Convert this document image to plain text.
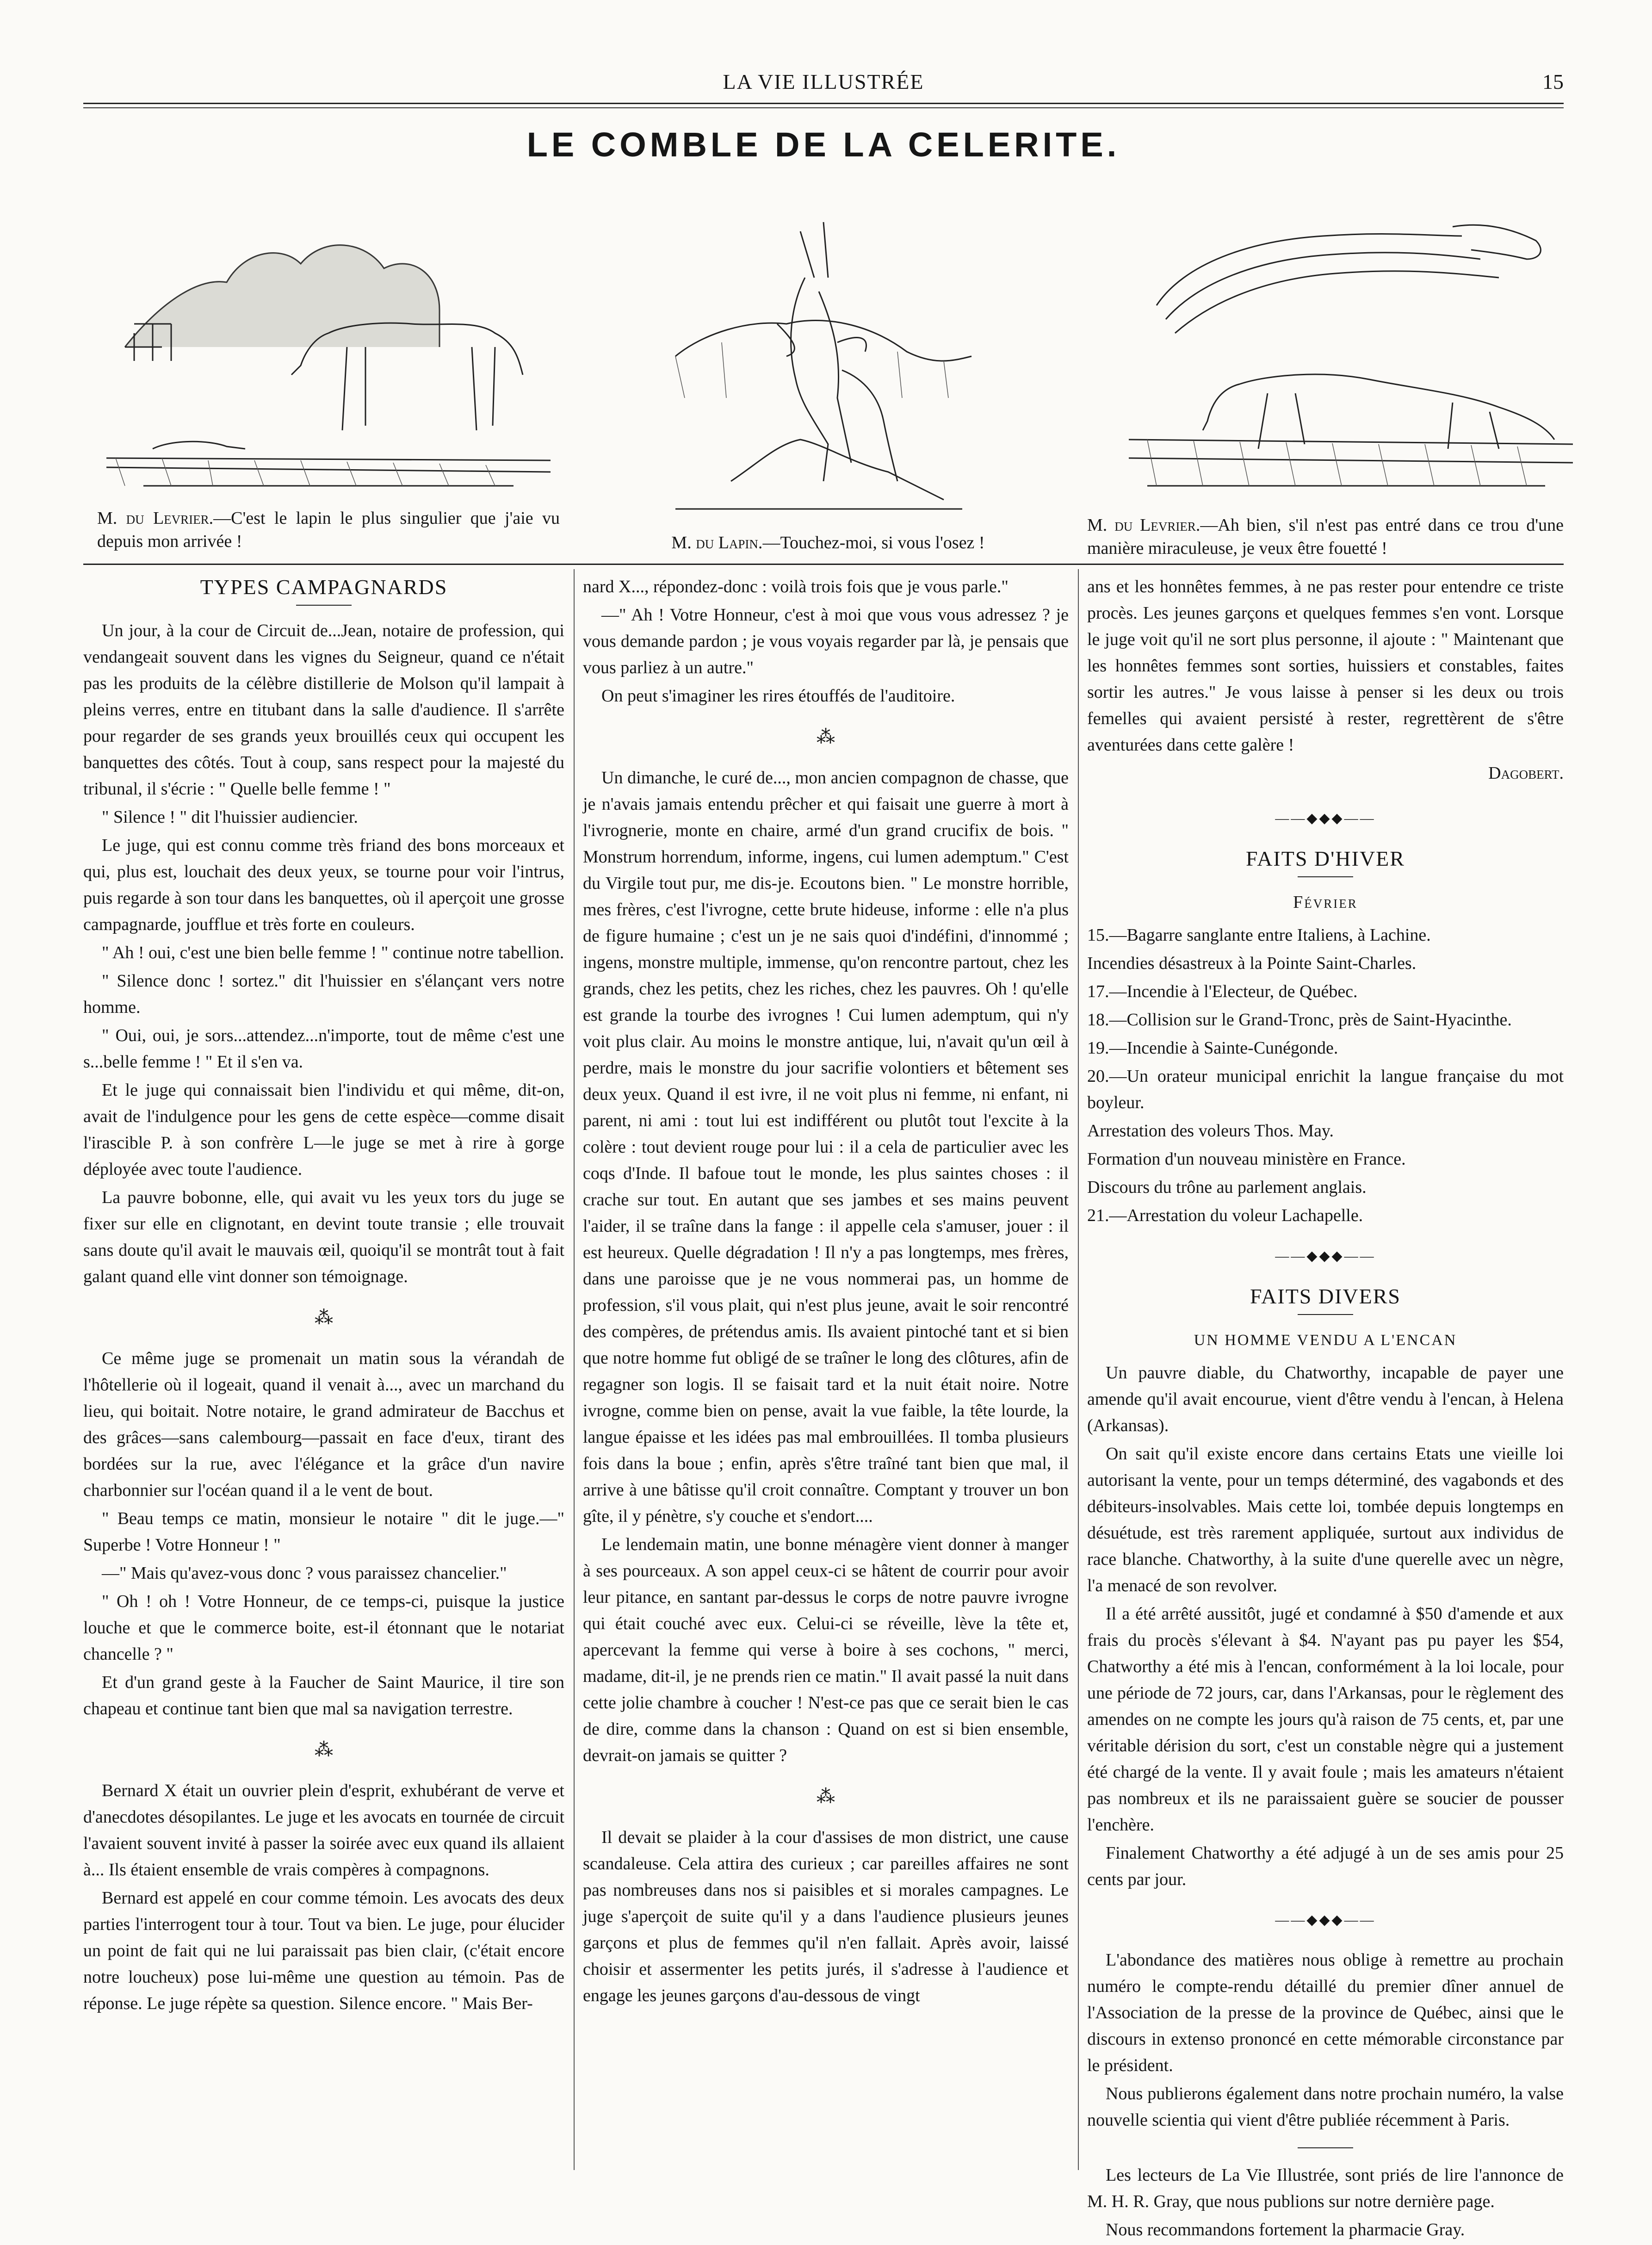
LA VIE ILLUSTRÉE	15
LE COMBLE DE LA CELERITE.
M. du Levrier.—C'est le lapin le plus singulier que j'aie vu depuis mon arrivée !	M. du Lapin.—Touchez-moi, si vous l'osez !
M. du Levrier.—Ah bien, s'il n'est pas entré dans ce trou d'une manière miraculeuse, je veux être fouetté !

TYPES CAMPAGNARDS

Un jour, à la cour de Circuit de...Jean, notaire de profession, qui vendangeait souvent dans les vignes du Seigneur, quand ce n'était pas les produits de la célèbre distillerie de Molson qu'il lampait à pleins verres, entre en titubant dans la salle d'audience. Il s'arrête pour regarder de ses grands yeux brouillés ceux qui occupent les banquettes des côtés. Tout à coup, sans respect pour la majesté du tribunal, il s'écrie : " Quelle belle femme ! "

" Silence ! " dit l'huissier audiencier.

Le juge, qui est connu comme très friand des bons morceaux et qui, plus est, louchait des deux yeux, se tourne pour voir l'intrus, puis regarde à son tour dans les banquettes, où il aperçoit une grosse campagnarde, joufflue et très forte en couleurs.

" Ah ! oui, c'est une bien belle femme ! " continue notre tabellion.

" Silence donc ! sortez." dit l'huissier en s'élançant vers notre homme.

" Oui, oui, je sors...attendez...n'importe, tout de même c'est une s...belle femme ! " Et il s'en va.

Et le juge qui connaissait bien l'individu et qui même, dit-on, avait de l'indulgence pour les gens de cette espèce—comme disait l'irascible P. à son confrère L—le juge se met à rire à gorge déployée avec toute l'audience.

La pauvre bobonne, elle, qui avait vu les yeux tors du juge se fixer sur elle en clignotant, en devint toute transie ; elle trouvait sans doute qu'il avait le mauvais œil, quoiqu'il se montrât tout à fait galant quand elle vint donner son témoignage.

⁂

Ce même juge se promenait un matin sous la vérandah de l'hôtellerie où il logeait, quand il venait à..., avec un marchand du lieu, qui boitait. Notre notaire, le grand admirateur de Bacchus et des grâces—sans calembourg—passait en face d'eux, tirant des bordées sur la rue, avec l'élégance et la grâce d'un navire charbonnier sur l'océan quand il a le vent de bout.

" Beau temps ce matin, monsieur le notaire " dit le juge.—" Superbe ! Votre Honneur ! "

—" Mais qu'avez-vous donc ? vous paraissez chancelier."

" Oh ! oh ! Votre Honneur, de ce temps-ci, puisque la justice louche et que le commerce boite, est-il étonnant que le notariat chancelle ? "

Et d'un grand geste à la Faucher de Saint Maurice, il tire son chapeau et continue tant bien que mal sa navigation terrestre.

⁂

Bernard X était un ouvrier plein d'esprit, exhubérant de verve et d'anecdotes désopilantes. Le juge et les avocats en tournée de circuit l'avaient souvent invité à passer la soirée avec eux quand ils allaient à... Ils étaient ensemble de vrais compères à compagnons.

Bernard est appelé en cour comme témoin. Les avocats des deux parties l'interrogent tour à tour. Tout va bien. Le juge, pour élucider un point de fait qui ne lui paraissait pas bien clair, (c'était encore notre loucheux) pose lui-même une question au témoin. Pas de réponse. Le juge répète sa question. Silence encore. " Mais Ber-

nard X..., répondez-donc : voilà trois fois que je vous parle."

—" Ah ! Votre Honneur, c'est à moi que vous vous adressez ? je vous demande pardon ; je vous voyais regarder par là, je pensais que vous parliez à un autre."

On peut s'imaginer les rires étouffés de l'auditoire.

⁂

Un dimanche, le curé de..., mon ancien compagnon de chasse, que je n'avais jamais entendu prêcher et qui faisait une guerre à mort à l'ivrognerie, monte en chaire, armé d'un grand crucifix de bois. " Monstrum horrendum, informe, ingens, cui lumen ademptum." C'est du Virgile tout pur, me dis-je. Ecoutons bien. " Le monstre horrible, mes frères, c'est l'ivrogne, cette brute hideuse, informe : elle n'a plus de figure humaine ; c'est un je ne sais quoi d'indéfini, d'innommé ; ingens, monstre multiple, immense, qu'on rencontre partout, chez les grands, chez les petits, chez les riches, chez les pauvres. Oh ! qu'elle est grande la tourbe des ivrognes ! Cui lumen ademptum, qui n'y voit plus clair. Au moins le monstre antique, lui, n'avait qu'un œil à perdre, mais le monstre du jour sacrifie volontiers et bêtement ses deux yeux. Quand il est ivre, il ne voit plus ni femme, ni enfant, ni parent, ni ami : tout lui est indifférent ou plutôt tout l'excite à la colère : tout devient rouge pour lui : il a cela de particulier avec les coqs d'Inde. Il bafoue tout le monde, les plus saintes choses : il crache sur tout. En autant que ses jambes et ses mains peuvent l'aider, il se traîne dans la fange : il appelle cela s'amuser, jouer : il est heureux. Quelle dégradation ! Il n'y a pas longtemps, mes frères, dans une paroisse que je ne vous nommerai pas, un homme de profession, s'il vous plait, qui n'est plus jeune, avait le soir rencontré des compères, de prétendus amis. Ils avaient pintoché tant et si bien que notre homme fut obligé de se traîner le long des clôtures, afin de regagner son logis. Il se faisait tard et la nuit était noire. Notre ivrogne, comme bien on pense, avait la vue faible, la tête lourde, la langue épaisse et les idées pas mal embrouillées. Il tomba plusieurs fois dans la boue ; enfin, après s'être traîné tant bien que mal, il arrive à une bâtisse qu'il croit connaître. Comptant y trouver un bon gîte, il y pénètre, s'y couche et s'endort....

Le lendemain matin, une bonne ménagère vient donner à manger à ses pourceaux. A son appel ceux-ci se hâtent de courrir pour avoir leur pitance, en santant par-dessus le corps de notre pauvre ivrogne qui était couché avec eux. Celui-ci se réveille, lève la tête et, apercevant la femme qui verse à boire à ses cochons, " merci, madame, dit-il, je ne prends rien ce matin." Il avait passé la nuit dans cette jolie chambre à coucher ! N'est-ce pas que ce serait bien le cas de dire, comme dans la chanson : Quand on est si bien ensemble, devrait-on jamais se quitter ?

⁂

Il devait se plaider à la cour d'assises de mon district, une cause scandaleuse. Cela attira des curieux ; car pareilles affaires ne sont pas nombreuses dans nos si paisibles et si morales campagnes. Le juge s'aperçoit de suite qu'il y a dans l'audience plusieurs jeunes garçons et plus de femmes qu'il n'en fallait. Après avoir, laissé choisir et assermenter les petits jurés, il s'adresse à l'audience et engage les jeunes garçons d'au-dessous de vingt

ans et les honnêtes femmes, à ne pas rester pour entendre ce triste procès. Les jeunes garçons et quelques femmes s'en vont. Lorsque le juge voit qu'il ne sort plus personne, il ajoute : " Maintenant que les honnêtes femmes sont sorties, huissiers et constables, faites sortir les autres." Je vous laisse à penser si les deux ou trois femelles qui avaient persisté à rester, regrettèrent de s'être aventurées dans cette galère !

Dagobert.
——◆◆◆——

FAITS D'HIVER

Février

15.—Bagarre sanglante entre Italiens, à Lachine.

Incendies désastreux à la Pointe Saint-Charles.

17.—Incendie à l'Electeur, de Québec.

18.—Collision sur le Grand-Tronc, près de Saint-Hyacinthe.

19.—Incendie à Sainte-Cunégonde.

20.—Un orateur municipal enrichit la langue française du mot boyleur.

Arrestation des voleurs Thos. May.

Formation d'un nouveau ministère en France.

Discours du trône au parlement anglais.

21.—Arrestation du voleur Lachapelle.

——◆◆◆——

FAITS DIVERS

UN HOMME VENDU A L'ENCAN

Un pauvre diable, du Chatworthy, incapable de payer une amende qu'il avait encourue, vient d'être vendu à l'encan, à Helena (Arkansas).

On sait qu'il existe encore dans certains Etats une vieille loi autorisant la vente, pour un temps déterminé, des vagabonds et des débiteurs-insolvables. Mais cette loi, tombée depuis longtemps en désuétude, est très rarement appliquée, surtout aux individus de race blanche. Chatworthy, à la suite d'une querelle avec un nègre, l'a menacé de son revolver.

Il a été arrêté aussitôt, jugé et condamné à $50 d'amende et aux frais du procès s'élevant à $4. N'ayant pas pu payer les $54, Chatworthy a été mis à l'encan, conformément à la loi locale, pour une période de 72 jours, car, dans l'Arkansas, pour le règlement des amendes on ne compte les jours qu'à raison de 75 cents, et, par une véritable dérision du sort, c'est un constable nègre qui a justement été chargé de la vente. Il y avait foule ; mais les amateurs n'étaient pas nombreux et ils ne paraissaient guère se soucier de pousser l'enchère.

Finalement Chatworthy a été adjugé à un de ses amis pour 25 cents par jour.

——◆◆◆——

L'abondance des matières nous oblige à remettre au prochain numéro le compte-rendu détaillé du premier dîner annuel de l'Association de la presse de la province de Québec, ainsi que le discours in extenso prononcé en cette mémorable circonstance par le président.

Nous publierons également dans notre prochain numéro, la valse nouvelle scientia qui vient d'être publiée récemment à Paris.

Les lecteurs de La Vie Illustrée, sont priés de lire l'annonce de M. H. R. Gray, que nous publions sur notre dernière page.

Nous recommandons fortement la pharmacie Gray.
